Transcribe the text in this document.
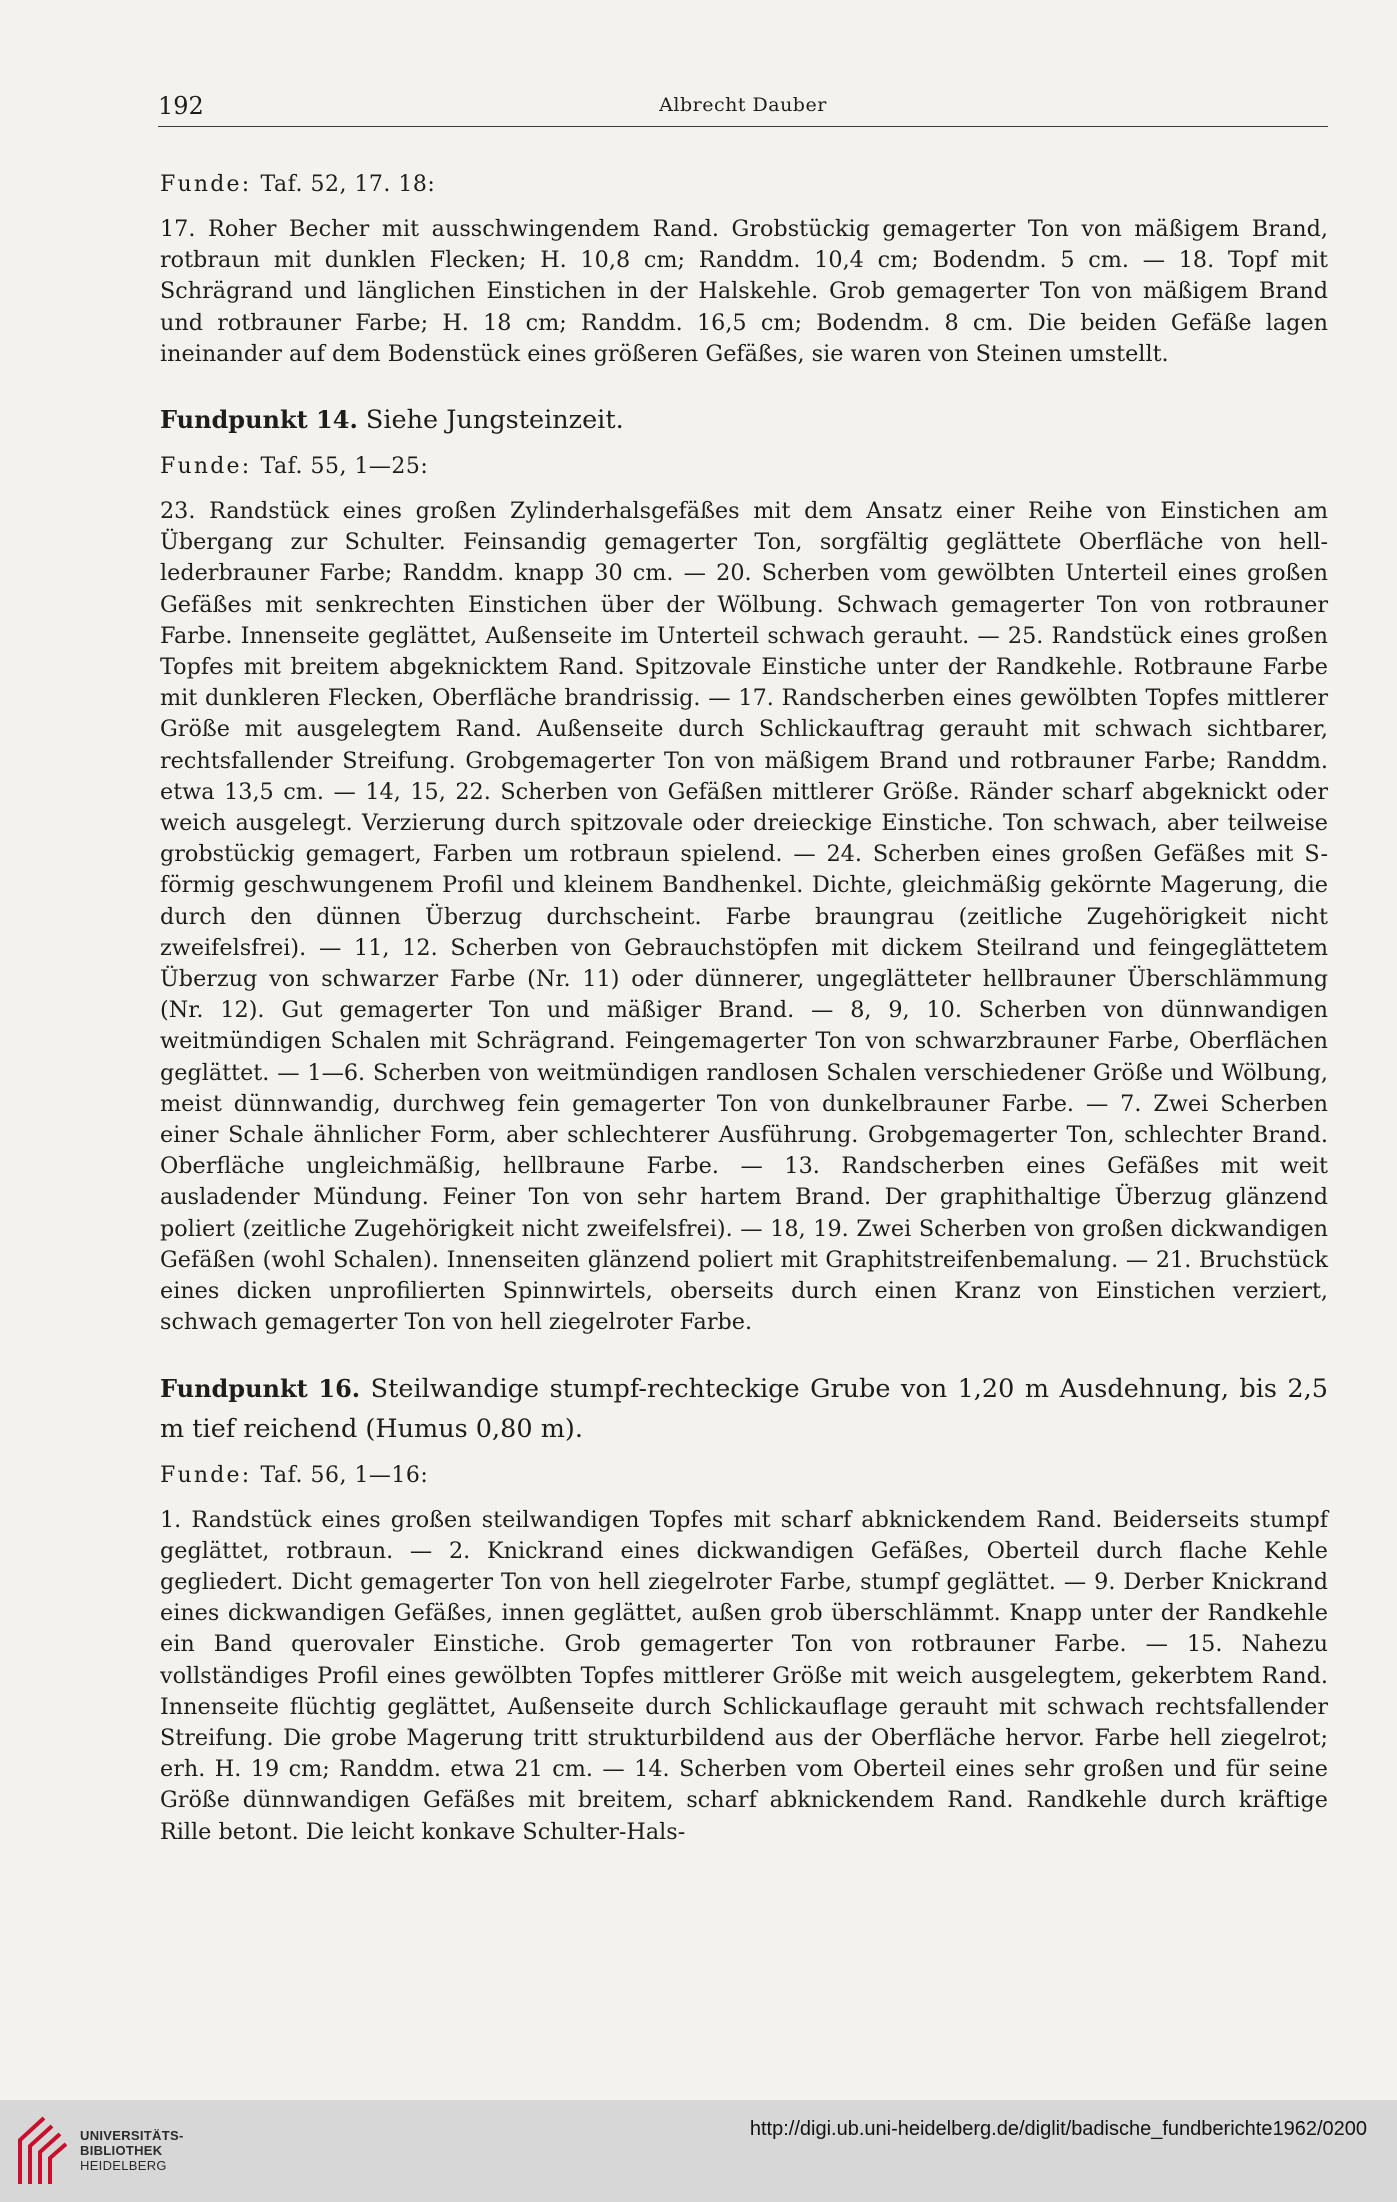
192	Albrecht Dauber

Funde: Taf. 52, 17. 18:

17. Roher Becher mit ausschwingendem Rand. Grobstückig gemagerter Ton von mäßigem Brand, rotbraun mit dunklen Flecken; H. 10,8 cm; Randdm. 10,4 cm; Bodendm. 5 cm. — 18. Topf mit Schrägrand und länglichen Einstichen in der Halskehle. Grob gemagerter Ton von mäßigem Brand und rotbrauner Farbe; H. 18 cm; Randdm. 16,5 cm; Bodendm. 8 cm. Die beiden Gefäße lagen ineinander auf dem Bodenstück eines größeren Gefäßes, sie waren von Steinen umstellt.

Fundpunkt 14. Siehe Jungsteinzeit.

Funde: Taf. 55, 1—25:

23. Randstück eines großen Zylinderhalsgefäßes mit dem Ansatz einer Reihe von Einstichen am Übergang zur Schulter. Feinsandig gemagerter Ton, sorgfältig geglättete Oberfläche von hell-lederbrauner Farbe; Randdm. knapp 30 cm. — 20. Scherben vom gewölbten Unterteil eines großen Gefäßes mit senkrechten Einstichen über der Wölbung. Schwach gemagerter Ton von rotbrauner Farbe. Innenseite geglättet, Außenseite im Unterteil schwach gerauht. — 25. Randstück eines großen Topfes mit breitem abgeknicktem Rand. Spitzovale Einstiche unter der Randkehle. Rotbraune Farbe mit dunkleren Flecken, Oberfläche brandrissig. — 17. Randscherben eines gewölbten Topfes mittlerer Größe mit ausgelegtem Rand. Außenseite durch Schlickauftrag gerauht mit schwach sichtbarer, rechtsfallender Streifung. Grobgemagerter Ton von mäßigem Brand und rotbrauner Farbe; Randdm. etwa 13,5 cm. — 14, 15, 22. Scherben von Gefäßen mittlerer Größe. Ränder scharf abgeknickt oder weich ausgelegt. Verzierung durch spitzovale oder dreieckige Einstiche. Ton schwach, aber teilweise grobstückig gemagert, Farben um rotbraun spielend. — 24. Scherben eines großen Gefäßes mit S-förmig geschwungenem Profil und kleinem Bandhenkel. Dichte, gleichmäßig gekörnte Magerung, die durch den dünnen Überzug durchscheint. Farbe braungrau (zeitliche Zugehörigkeit nicht zweifelsfrei). — 11, 12. Scherben von Gebrauchstöpfen mit dickem Steilrand und feingeglättetem Überzug von schwarzer Farbe (Nr. 11) oder dünnerer, ungeglätteter hellbrauner Überschlämmung (Nr. 12). Gut gemagerter Ton und mäßiger Brand. — 8, 9, 10. Scherben von dünnwandigen weitmündigen Schalen mit Schrägrand. Feingemagerter Ton von schwarzbrauner Farbe, Oberflächen geglättet. — 1—6. Scherben von weitmündigen randlosen Schalen verschiedener Größe und Wölbung, meist dünnwandig, durchweg fein gemagerter Ton von dunkelbrauner Farbe. — 7. Zwei Scherben einer Schale ähnlicher Form, aber schlechterer Ausführung. Grobgemagerter Ton, schlechter Brand. Oberfläche ungleichmäßig, hellbraune Farbe. — 13. Randscherben eines Gefäßes mit weit ausladender Mündung. Feiner Ton von sehr hartem Brand. Der graphithaltige Überzug glänzend poliert (zeitliche Zugehörigkeit nicht zweifelsfrei). — 18, 19. Zwei Scherben von großen dickwandigen Gefäßen (wohl Schalen). Innenseiten glänzend poliert mit Graphitstreifenbemalung. — 21. Bruchstück eines dicken unprofilierten Spinnwirtels, oberseits durch einen Kranz von Einstichen verziert, schwach gemagerter Ton von hell ziegelroter Farbe.

Fundpunkt 16. Steilwandige stumpf-rechteckige Grube von 1,20 m Ausdehnung, bis 2,5 m tief reichend (Humus 0,80 m).

Funde: Taf. 56, 1—16:

1. Randstück eines großen steilwandigen Topfes mit scharf abknickendem Rand. Beiderseits stumpf geglättet, rotbraun. — 2. Knickrand eines dickwandigen Gefäßes, Oberteil durch flache Kehle gegliedert. Dicht gemagerter Ton von hell ziegelroter Farbe, stumpf geglättet. — 9. Derber Knickrand eines dickwandigen Gefäßes, innen geglättet, außen grob überschlämmt. Knapp unter der Randkehle ein Band querovaler Einstiche. Grob gemagerter Ton von rotbrauner Farbe. — 15. Nahezu vollständiges Profil eines gewölbten Topfes mittlerer Größe mit weich ausgelegtem, gekerbtem Rand. Innenseite flüchtig geglättet, Außenseite durch Schlickauflage gerauht mit schwach rechtsfallender Streifung. Die grobe Magerung tritt strukturbildend aus der Oberfläche hervor. Farbe hell ziegelrot; erh. H. 19 cm; Randdm. etwa 21 cm. — 14. Scherben vom Oberteil eines sehr großen und für seine Größe dünnwandigen Gefäßes mit breitem, scharf abknickendem Rand. Randkehle durch kräftige Rille betont. Die leicht konkave Schulter-Hals-

UNIVERSITÄTS-
BIBLIOTHEK
HEIDELBERG
http://digi.ub.uni-heidelberg.de/diglit/badische_fundberichte1962/0200
